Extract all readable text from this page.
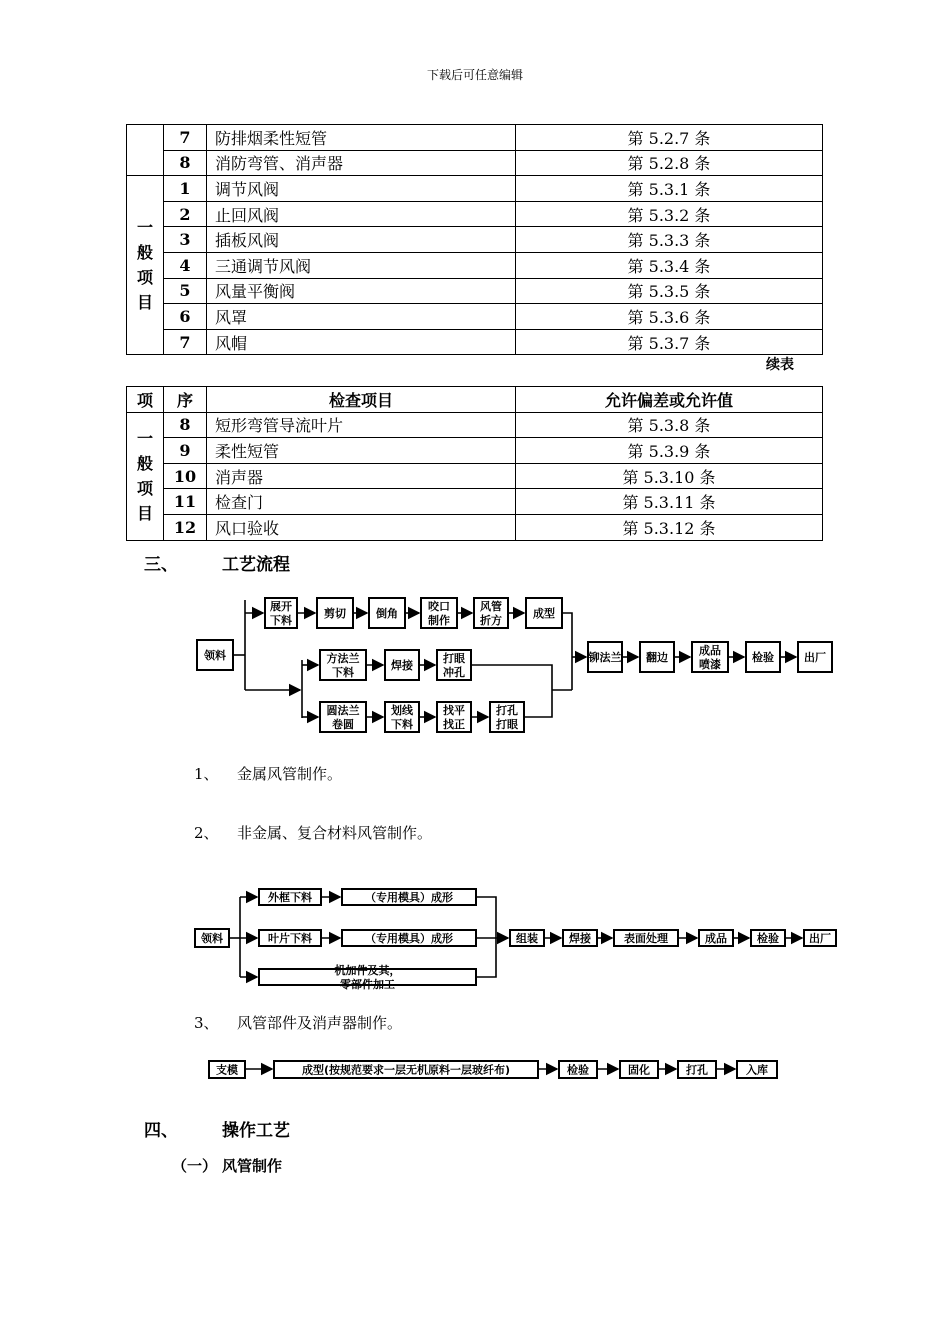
下载后可任意编辑
	7	防排烟柔性短管	第 5.2.7 条
	8	消防弯管、消声器	第 5.2.8 条

一
般
项
目	1	调节风阀	第 5.3.1 条
	2	止回风阀	第 5.3.2 条
	3	插板风阀	第 5.3.3 条
	4	三通调节风阀	第 5.3.4 条
	5	风量平衡阀	第 5.3.5 条
	6	风罩	第 5.3.6 条
	7	风帽	第 5.3.7 条
续表
项	序	检查项目	允许偏差或允许值

一
般
项
目	8	短形弯管导流叶片	第 5.3.8 条
	9	柔性短管	第 5.3.9 条
	10	消声器	第 5.3.10 条
	11	检查门	第 5.3.11 条
	12	风口验收	第 5.3.12 条
三、	工艺流程
1、 金属风管制作。
2、 非金属、复合材料风管制作。
3、 风管部件及消声器制作。
四、	操作工艺
（一） 风管制作
领料
展开
下料
剪切	倒角
咬口
制作
风管
折方
成型
方法兰
下料
焊接
打眼
冲孔
圆法兰
卷圆
划线
下料
找平
找正
打孔
打眼
铆法兰 翻边
成品
喷漆
检验	出厂
领料
外框下料	（专用模具）成形
叶片下料	（专用模具）成形
机加件及其，
零部件加工
组装	焊接	表面处理	成品	检验	出厂
支模	成型(按规范要求一层无机原料一层玻纤布)	检验	固化	打孔	入库
